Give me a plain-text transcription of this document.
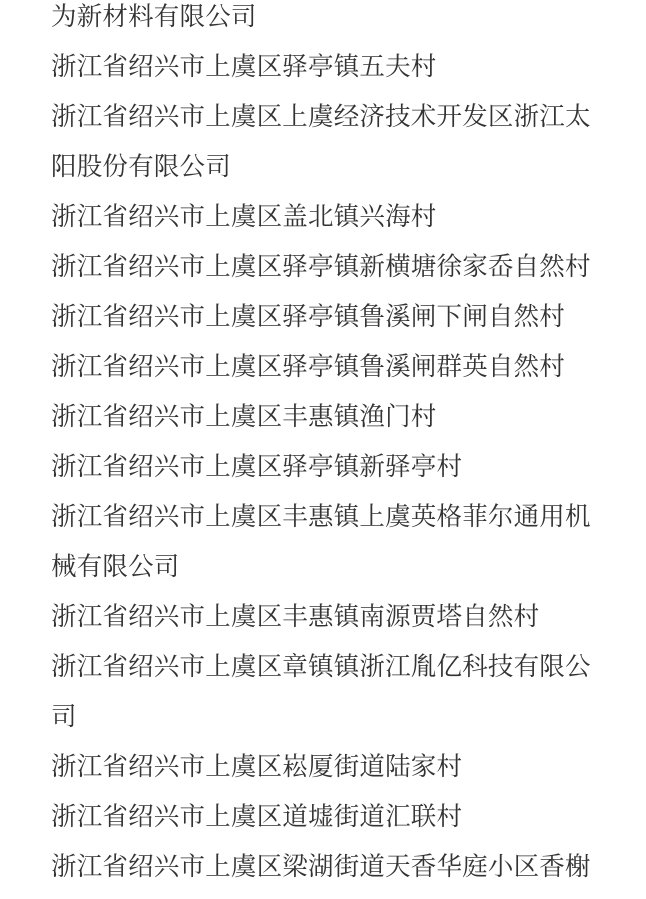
为新材料有限公司
浙江省绍兴市上虞区驿亭镇五夫村
浙江省绍兴市上虞区上虞经济技术开发区浙江太
阳股份有限公司
浙江省绍兴市上虞区盖北镇兴海村
浙江省绍兴市上虞区驿亭镇新横塘徐家岙自然村
浙江省绍兴市上虞区驿亭镇鲁溪闸下闸自然村
浙江省绍兴市上虞区驿亭镇鲁溪闸群英自然村
浙江省绍兴市上虞区丰惠镇渔门村
浙江省绍兴市上虞区驿亭镇新驿亭村
浙江省绍兴市上虞区丰惠镇上虞英格菲尔通用机
械有限公司
浙江省绍兴市上虞区丰惠镇南源贾塔自然村
浙江省绍兴市上虞区章镇镇浙江胤亿科技有限公
司
浙江省绍兴市上虞区崧厦街道陆家村
浙江省绍兴市上虞区道墟街道汇联村
浙江省绍兴市上虞区梁湖街道天香华庭小区香榭
